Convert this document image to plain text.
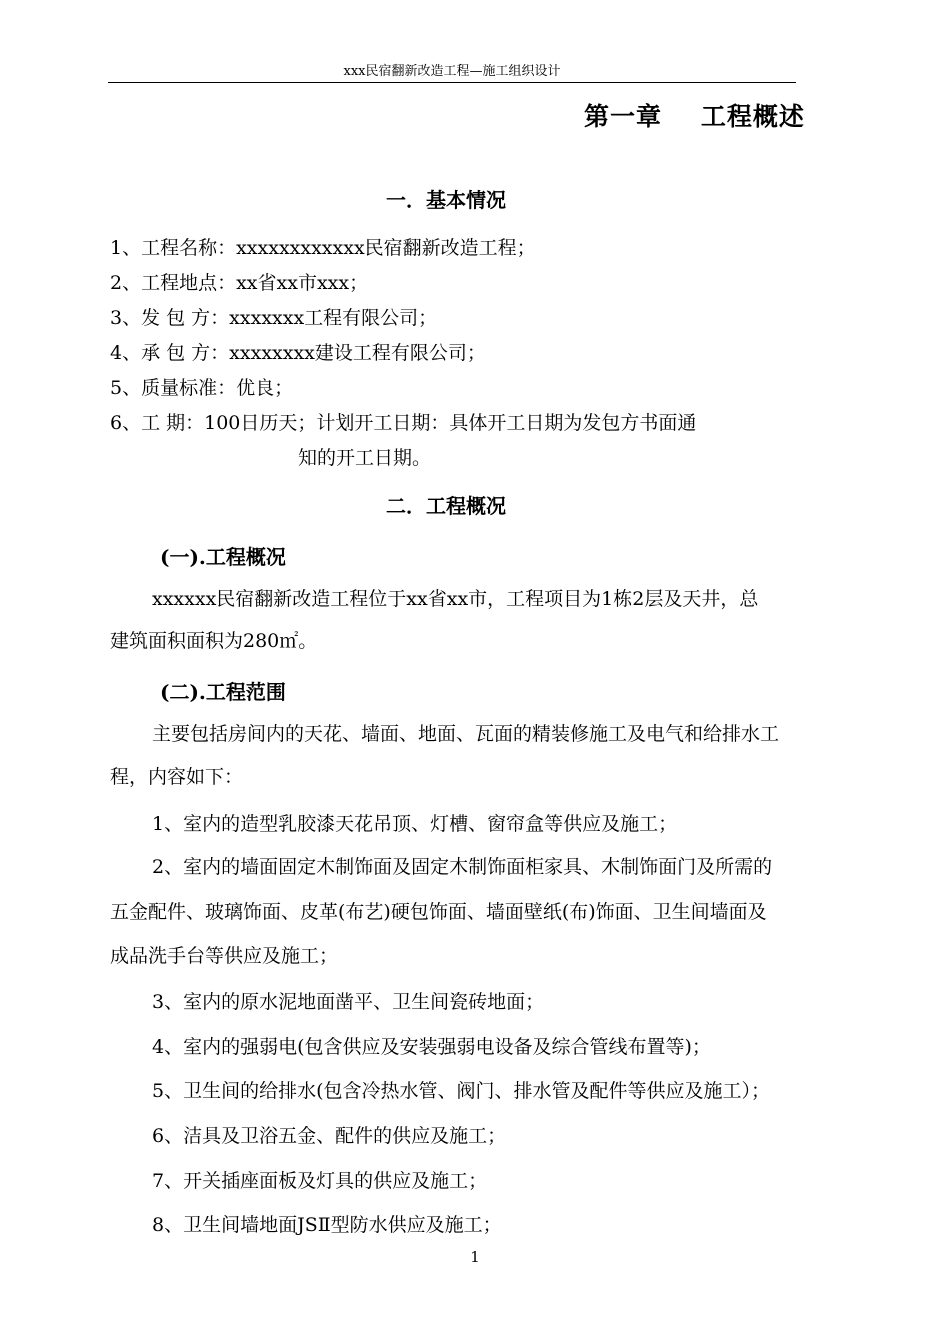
xxx民宿翻新改造工程—施工组织设计
第一章    工程概述
一．基本情况
1、工程名称：xxxxxxxxxxxx民宿翻新改造工程；
2、工程地点：xx省xx市xxx；
3、发 包 方：xxxxxxx工程有限公司；
4、承 包 方：xxxxxxxx建设工程有限公司；
5、质量标准：优良；
6、工 期：100日历天；计划开工日期：具体开工日期为发包方书面通
知的开工日期。
二．工程概况
(一).工程概况
xxxxxx民宿翻新改造工程位于xx省xx市，工程项目为1栋2层及天井，总
建筑面积面积为280㎡。
(二).工程范围
主要包括房间内的天花、墙面、地面、瓦面的精装修施工及电气和给排水工
程，内容如下：
1、室内的造型乳胶漆天花吊顶、灯槽、窗帘盒等供应及施工；
2、室内的墙面固定木制饰面及固定木制饰面柜家具、木制饰面门及所需的
五金配件、玻璃饰面、皮革(布艺)硬包饰面、墙面壁纸(布)饰面、卫生间墙面及
成品洗手台等供应及施工；
3、室内的原水泥地面凿平、卫生间瓷砖地面；
4、室内的强弱电(包含供应及安装强弱电设备及综合管线布置等)；
5、卫生间的给排水(包含冷热水管、阀门、排水管及配件等供应及施工）；
6、洁具及卫浴五金、配件的供应及施工；
7、开关插座面板及灯具的供应及施工；
8、卫生间墙地面JSⅡ型防水供应及施工；
1
